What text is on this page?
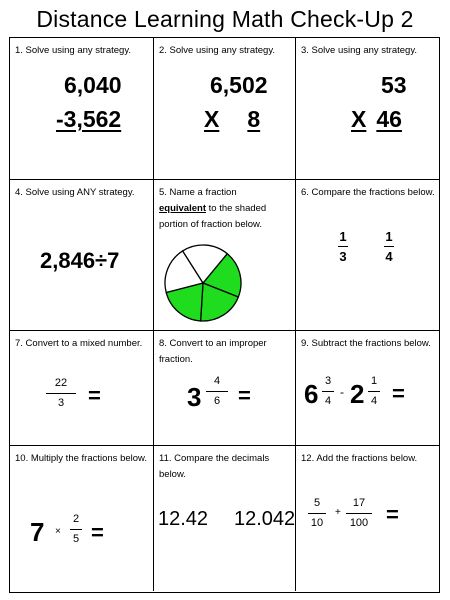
Distance Learning Math Check-Up 2
1. Solve using any strategy.
6,040
-3,562
2. Solve using any strategy.
6,502
X 8
3. Solve using any strategy.
53
X 46
4. Solve using ANY strategy.
2,846÷7
5. Name a fraction
equivalent to the shaded portion of fraction below.
6. Compare the fractions below.
1
3
1
4
7. Convert to a mixed number.
22
3 =
8. Convert to an improper fraction.
3
4
6 =
9. Subtract the fractions below.
6 3
4
- 2 1
4 =
10. Multiply the fractions below.
7 ×
2
5 =
11. Compare the decimals below.
12.42 12.042
12. Add the fractions below.
5
10
+
17
100 =
